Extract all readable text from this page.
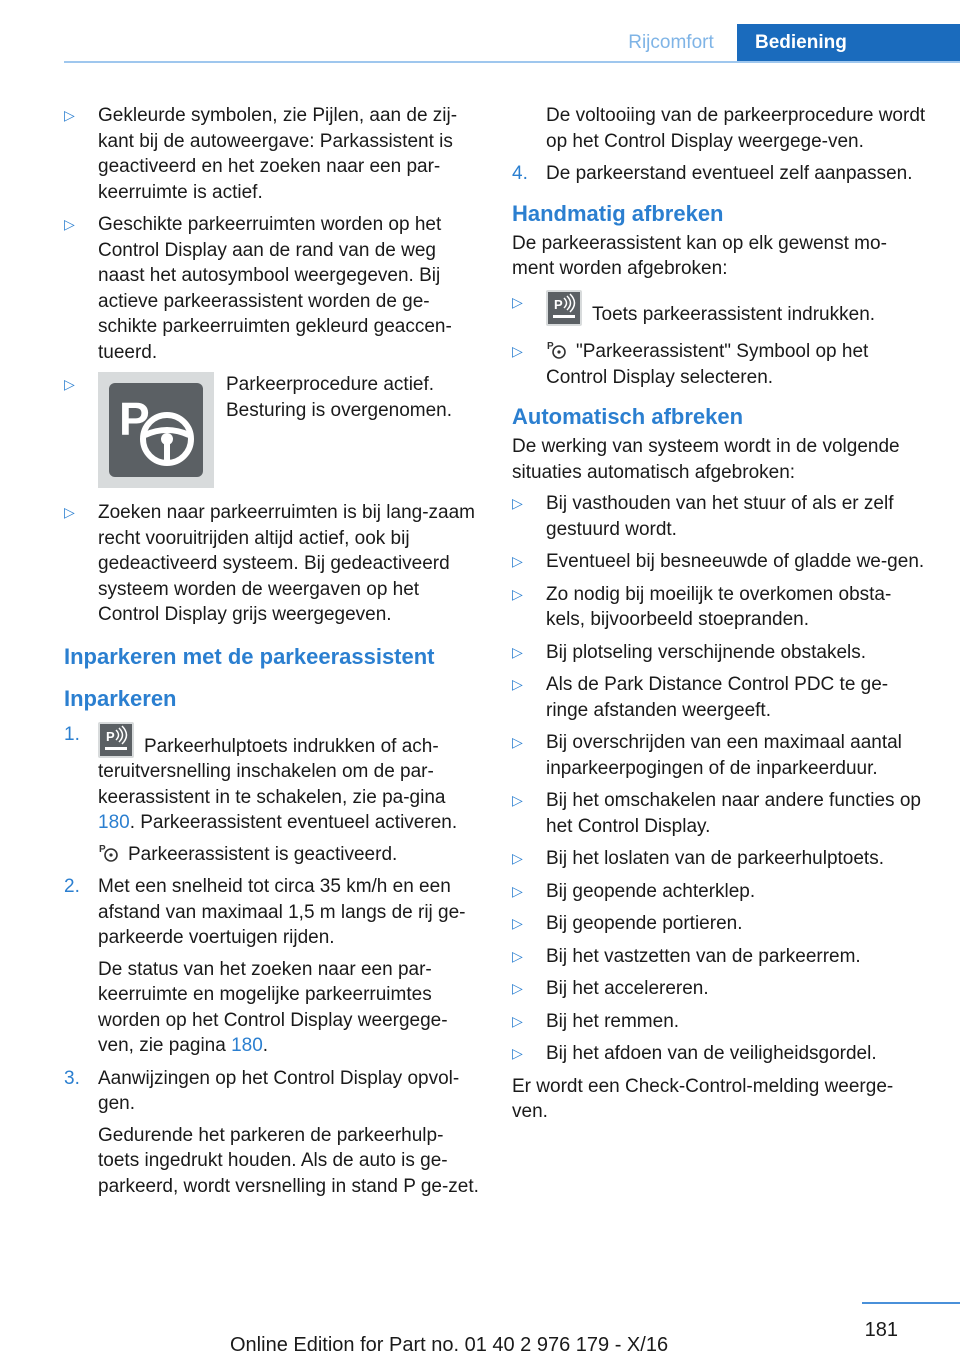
Rijcomfort	Bediening
▷ Gekleurde symbolen, zie Pijlen, aan de zij-kant bij de autoweergave: Parkassistent is geactiveerd en het zoeken naar een par-keerruimte is actief.
▷ Geschikte parkeerruimten worden op het Control Display aan de rand van de weg naast het autosymbool weergegeven. Bij actieve parkeerassistent worden de ge-schikte parkeerruimten gekleurd geaccen-tueerd.
▷
P
Parkeerprocedure actief. Besturing is overgenomen.
▷ Zoeken naar parkeerruimten is bij lang-zaam recht vooruitrijden altijd actief, ook bij gedeactiveerd systeem. Bij gedeactiveerd systeem worden de weergaven op het Control Display grijs weergegeven.
Inparkeren met de parkeerassistent
Inparkeren
1. P Parkeerhulptoets indrukken of ach-teruitversnelling inschakelen om de par-keerassistent in te schakelen, zie pa-gina 180. Parkeerassistent eventueel activeren.
P Parkeerassistent is geactiveerd.
2. Met een snelheid tot circa 35 km/h en een afstand van maximaal 1,5 m langs de rij ge-parkeerde voertuigen rijden.
De status van het zoeken naar een par-keerruimte en mogelijke parkeerruimtes worden op het Control Display weergege-ven, zie pagina 180.
3. Aanwijzingen op het Control Display opvol-gen.
Gedurende het parkeren de parkeerhulp-toets ingedrukt houden. Als de auto is ge-parkeerd, wordt versnelling in stand P ge-zet.
De voltooiing van de parkeerprocedure wordt op het Control Display weergege-ven.
4. De parkeerstand eventueel zelf aanpassen.
Handmatig afbreken

De parkeerassistent kan op elk gewenst mo-ment worden afgebroken:

▷ P Toets parkeerassistent indrukken.
▷ P "Parkeerassistent" Symbool op het Control Display selecteren.
Automatisch afbreken

De werking van systeem wordt in de volgende situaties automatisch afgebroken:

▷ Bij vasthouden van het stuur of als er zelf gestuurd wordt.
▷ Eventueel bij besneeuwde of gladde we-gen.
▷ Zo nodig bij moeilijk te overkomen obsta-kels, bijvoorbeeld stoepranden.
▷ Bij plotseling verschijnende obstakels.
▷ Als de Park Distance Control PDC te ge-ringe afstanden weergeeft.
▷ Bij overschrijden van een maximaal aantal inparkeerpogingen of de inparkeerduur.
▷ Bij het omschakelen naar andere functies op het Control Display.
▷ Bij het loslaten van de parkeerhulptoets.
▷ Bij geopende achterklep.
▷ Bij geopende portieren.
▷ Bij het vastzetten van de parkeerrem.
▷ Bij het accelereren.
▷ Bij het remmen.
▷ Bij het afdoen van de veiligheidsgordel.

Er wordt een Check-Control-melding weerge-ven.

181
Online Edition for Part no. 01 40 2 976 179 - X/16
